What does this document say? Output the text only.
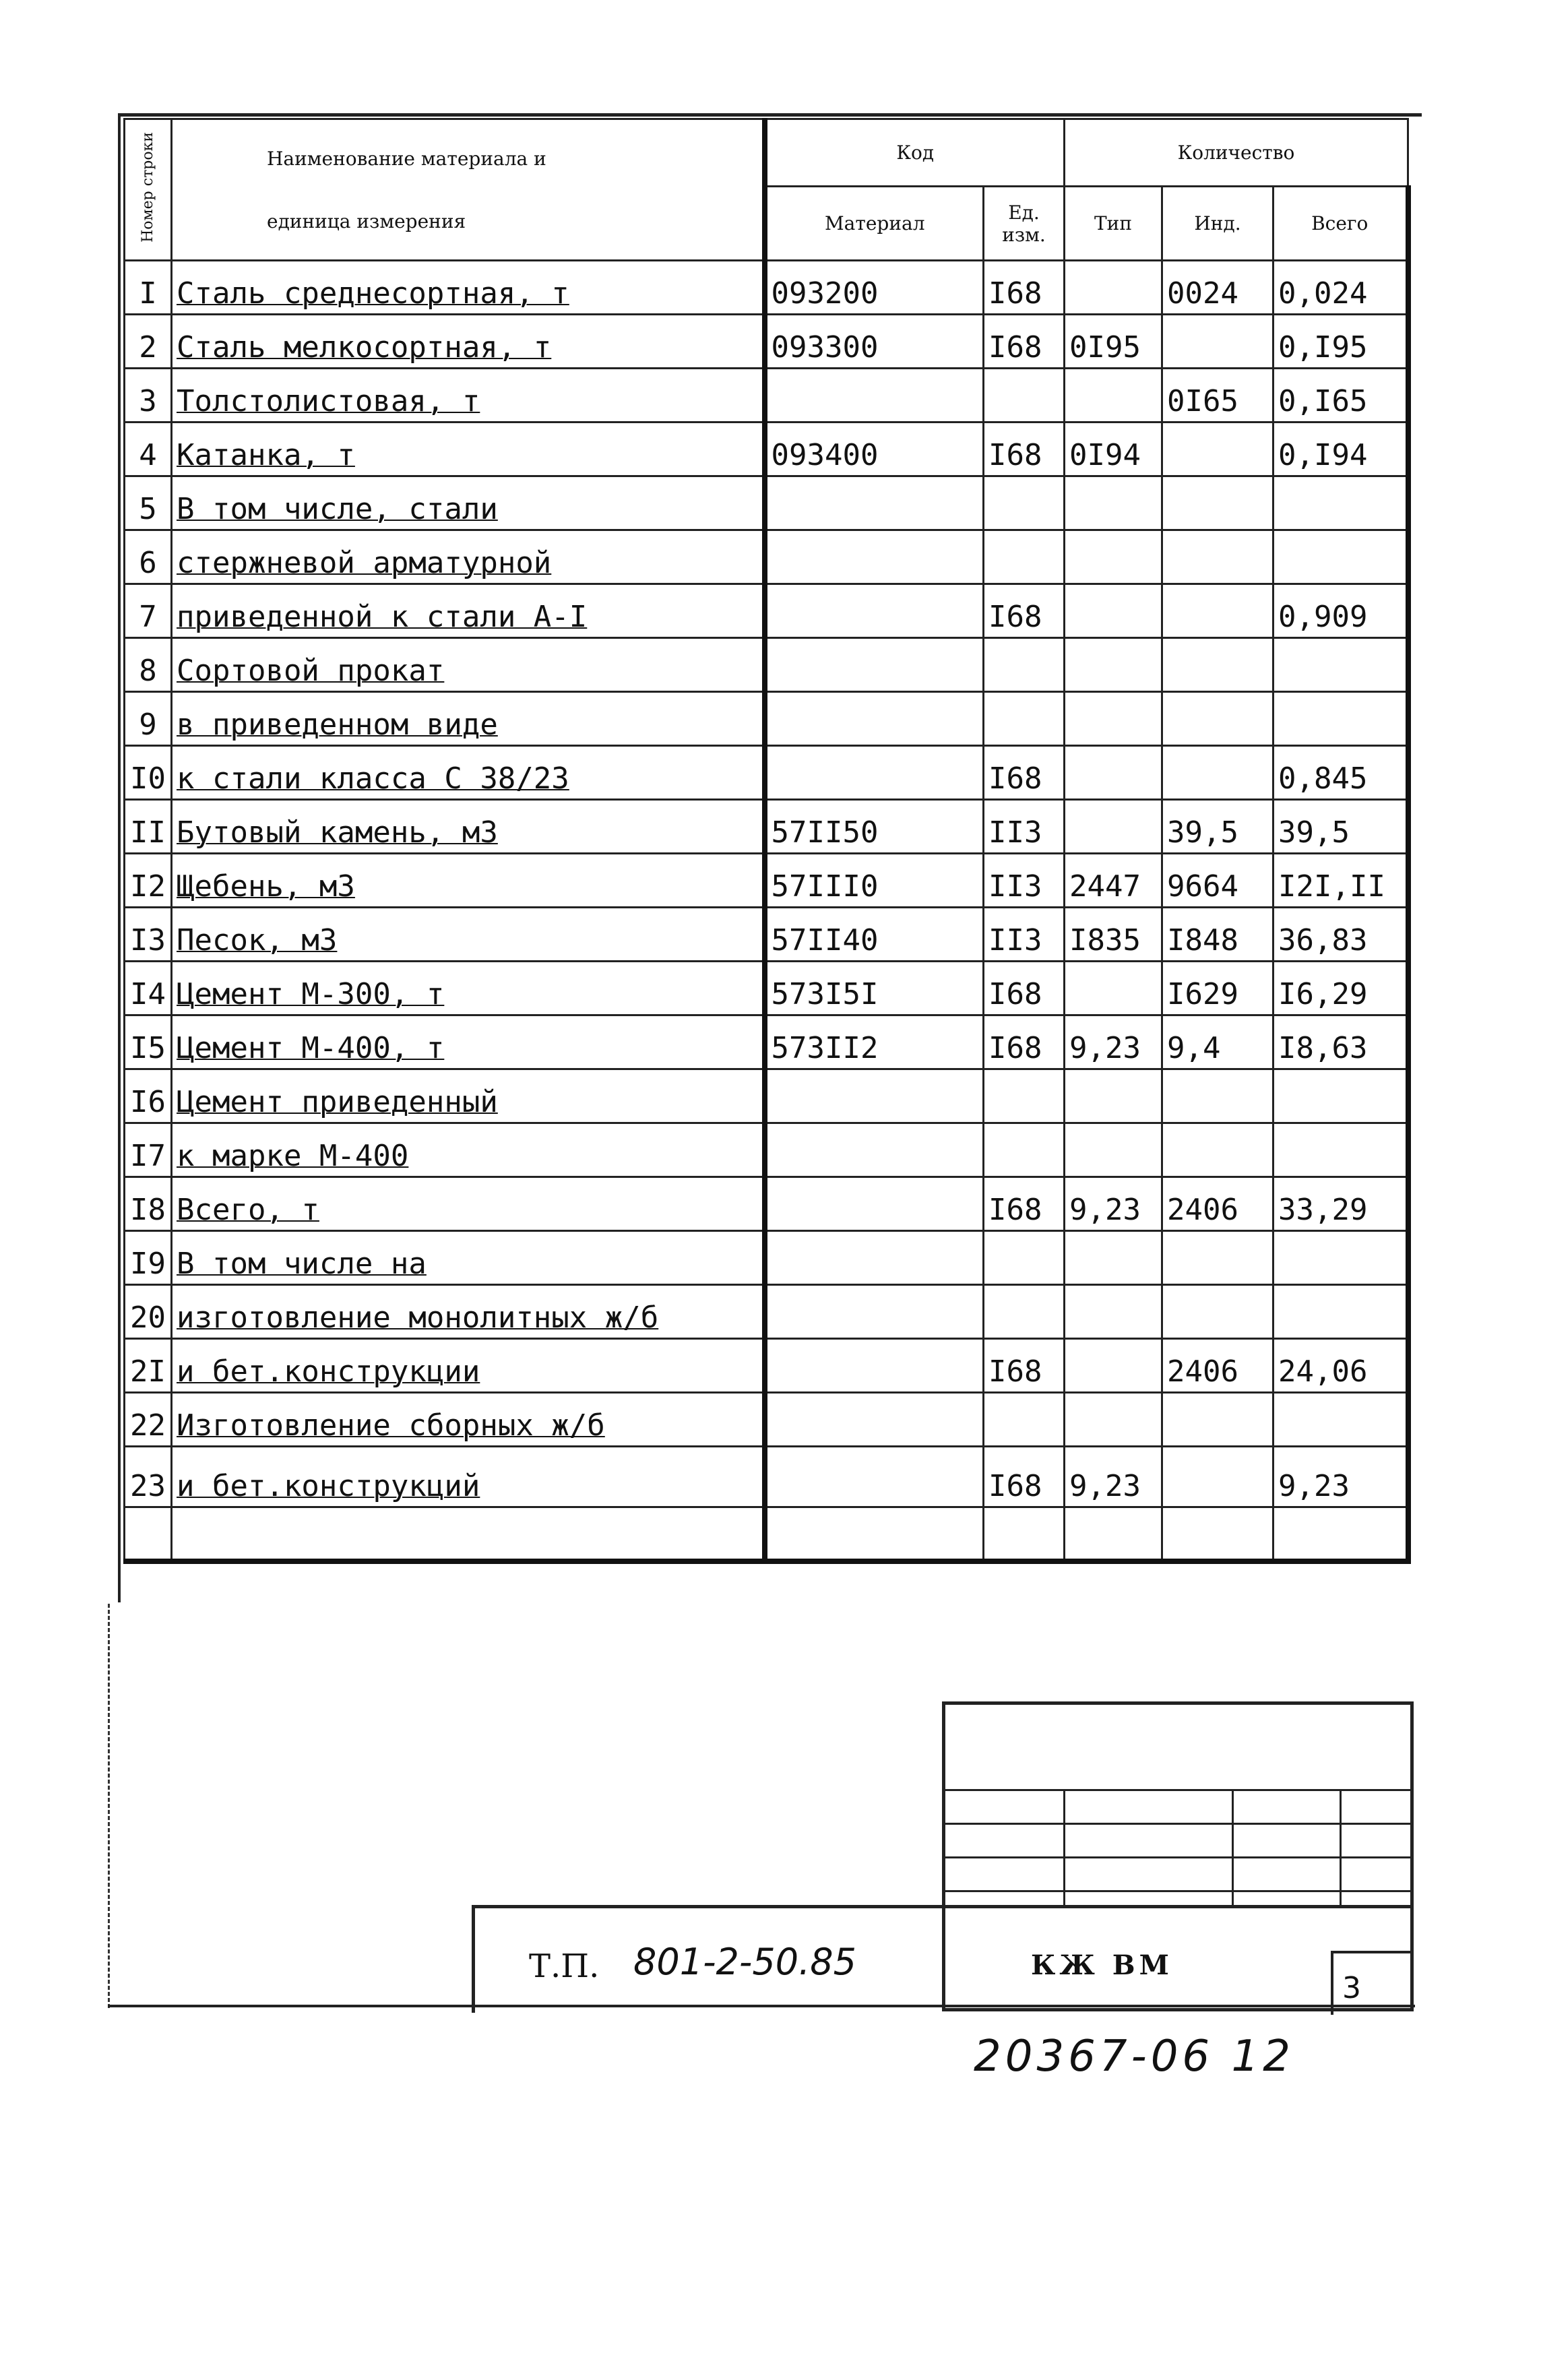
Номер строки	Наименование материала и
единица измерения	Код		Количество		
		Материал	Ед. изм.	Тип	Инд.	Всего
I	Сталь среднесортная, т	093200	I68		0024	0,024
2	Сталь мелкосортная, т	093300	I68	0I95		0,I95
3	Толстолистовая, т				0I65	0,I65
4	Катанка, т	093400	I68	0I94		0,I94
5	В том числе, стали					
6	стержневой арматурной					
7	приведенной к стали А-I		I68			0,909
8	Сортовой прокат					
9	в приведенном виде					
I0	к стали класса С 38/23		I68			0,845
II	Бутовый камень, м3	57II50	II3		39,5	39,5
I2	Щебень, м3	57III0	II3	2447	9664	I2I,II
I3	Песок, м3	57II40	II3	I835	I848	36,83
I4	Цемент М-300, т	573I5I	I68		I629	I6,29
I5	Цемент М-400, т	573II2	I68	9,23	9,4	I8,63
I6	Цемент приведенный					
I7	к марке М-400					
I8	Всего, т		I68	9,23	2406	33,29
I9	В том числе на					
20	изготовление монолитных ж/б					
2I	и бет.конструкции		I68		2406	24,06
22	Изготовление сборных ж/б					
23	и бет.конструкций		I68	9,23		9,23

Т.П. 801-2-50.85	КЖ ВМ
3
20367-06 12
